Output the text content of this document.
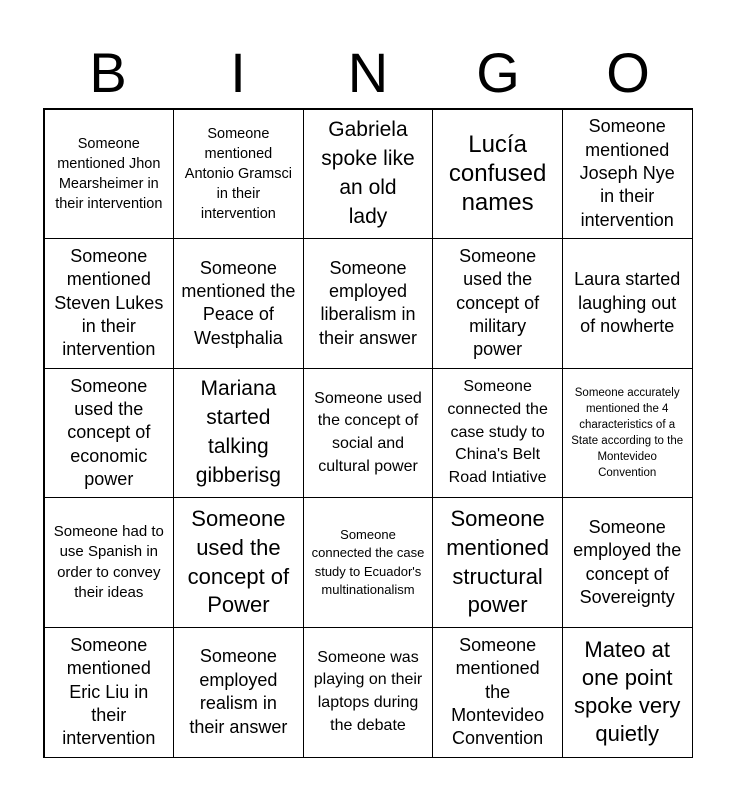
B	I	N	G	O
Someone mentioned Jhon Mearsheimer in their intervention
Someone mentioned Antonio Gramsci in their intervention
Gabriela spoke like an old lady
Lucía confused names
Someone mentioned Joseph Nye in their intervention
Someone mentioned Steven Lukes in their intervention
Someone mentioned the Peace of Westphalia
Someone employed liberalism in their answer
Someone used the concept of military power
Laura started laughing out of nowherte
Someone used the concept of economic power
Mariana started talking gibberisg
Someone used the concept of social and cultural power
Someone connected the case study to China's Belt Road Intiative
Someone accurately mentioned the 4 characteristics of a State according to the Montevideo Convention
Someone had to use Spanish in order to convey their ideas
Someone used the concept of Power
Someone connected the case study to Ecuador's multinationalism
Someone mentioned structural power
Someone employed the concept of Sovereignty
Someone mentioned Eric Liu in their intervention
Someone employed realism in their answer
Someone was playing on their laptops during the debate
Someone mentioned the Montevideo Convention
Mateo at one point spoke very quietly
